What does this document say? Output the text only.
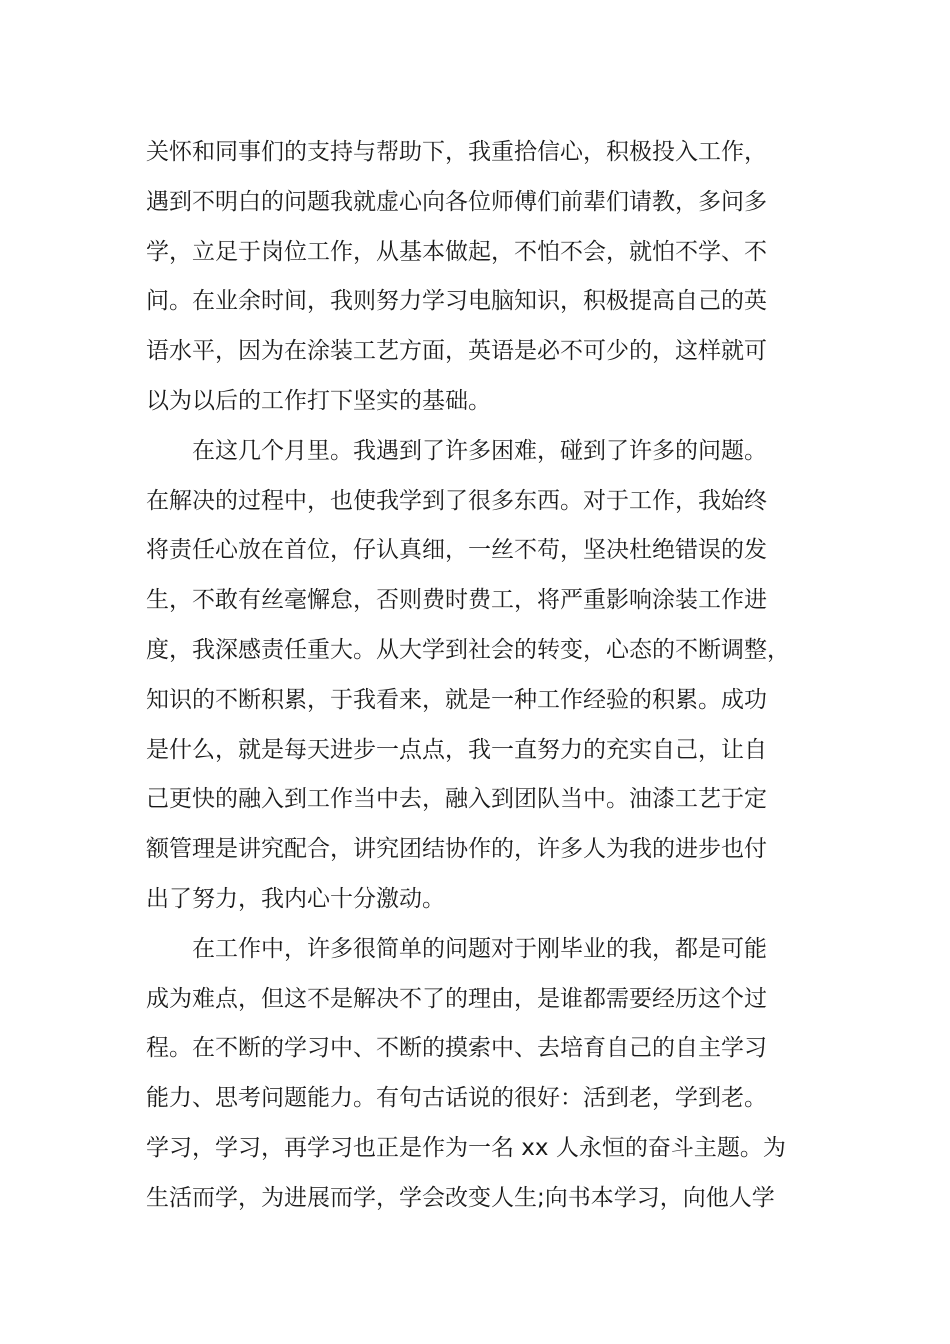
关怀和同事们的支持与帮助下，我重拾信心，积极投入工作，
遇到不明白的问题我就虚心向各位师傅们前辈们请教，多问多
学，立足于岗位工作，从基本做起，不怕不会，就怕不学、不
问。在业余时间，我则努力学习电脑知识，积极提高自己的英
语水平，因为在涂装工艺方面，英语是必不可少的，这样就可
以为以后的工作打下坚实的基础。
在这几个月里。我遇到了许多困难，碰到了许多的问题。
在解决的过程中，也使我学到了很多东西。对于工作，我始终
将责任心放在首位，仔认真细，一丝不苟，坚决杜绝错误的发
生，不敢有丝毫懈怠，否则费时费工，将严重影响涂装工作进
度，我深感责任重大。从大学到社会的转变，心态的不断调整，
知识的不断积累，于我看来，就是一种工作经验的积累。成功
是什么，就是每天进步一点点，我一直努力的充实自己，让自
己更快的融入到工作当中去，融入到团队当中。油漆工艺于定
额管理是讲究配合，讲究团结协作的，许多人为我的进步也付
出了努力，我内心十分激动。
在工作中，许多很简单的问题对于刚毕业的我，都是可能
成为难点，但这不是解决不了的理由，是谁都需要经历这个过
程。在不断的学习中、不断的摸索中、去培育自己的自主学习
能力、思考问题能力。有句古话说的很好：活到老，学到老。
学习，学习，再学习也正是作为一名 xx 人永恒的奋斗主题。为
生活而学，为进展而学，学会改变人生;向书本学习，向他人学
